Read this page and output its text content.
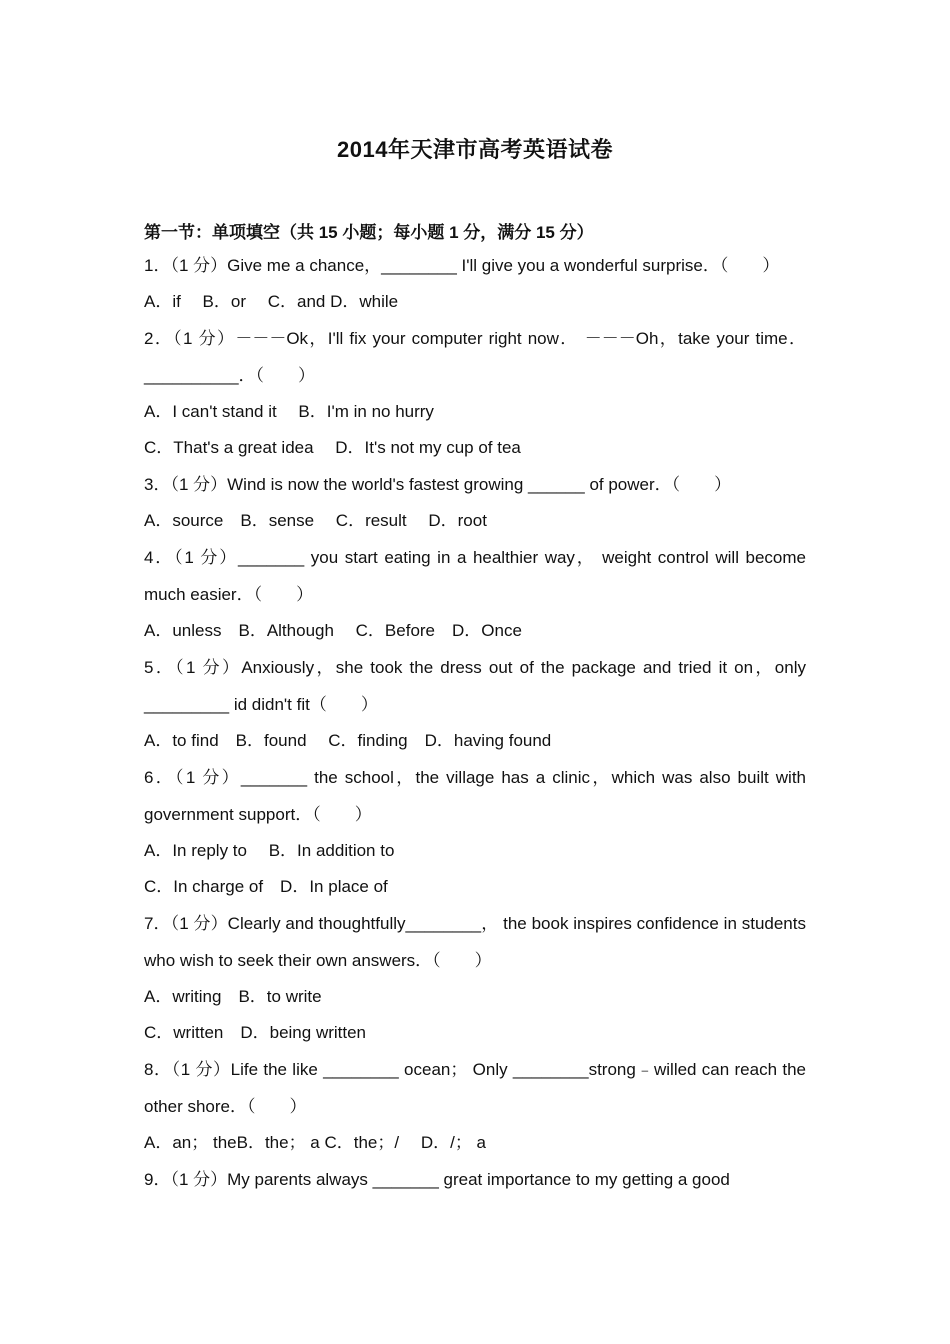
2014年天津市高考英语试卷
第一节：单项填空（共 15 小题；每小题 1 分，满分 15 分）
1．（1 分）Give me a chance，________ I'll give you a wonderful surprise．（　　）
A．if　 B．or　 C．and D．while
2．（1 分）－－－Ok，I'll fix your computer right now． －－－Oh，take your time．__________．（　　）
A．I can't stand it　 B．I'm in no hurry
C．That's a great idea　 D．It's not my cup of tea
3．（1 分）Wind is now the world's fastest growing ______ of power．（　　）
A．source　B．sense　 C．result　 D．root
4．（1 分）_______ you start eating in a healthier way， weight control will become much easier．（　　）
A．unless　B．Although　 C．Before　D．Once
5．（1 分）Anxiously，she took the dress out of the package and tried it on，only _________ id didn't fit（　　）
A．to find　B．found　 C．finding　D．having found
6．（1 分）_______ the school，the village has a clinic，which was also built with government support．（　　）
A．In reply to　 B．In addition to
C．In charge of　D．In place of
7．（1 分）Clearly and thoughtfully________， the book inspires confidence in students who wish to seek their own answers．（　　）
A．writing　B．to write
C．written　D．being written
8．（1 分）Life the like ________ ocean； Only ________strong﹣willed can reach the other shore．（　　）
A．an； theB．the； a C．the；/　 D．/； a
9．（1 分）My parents always _______ great importance to my getting a good
